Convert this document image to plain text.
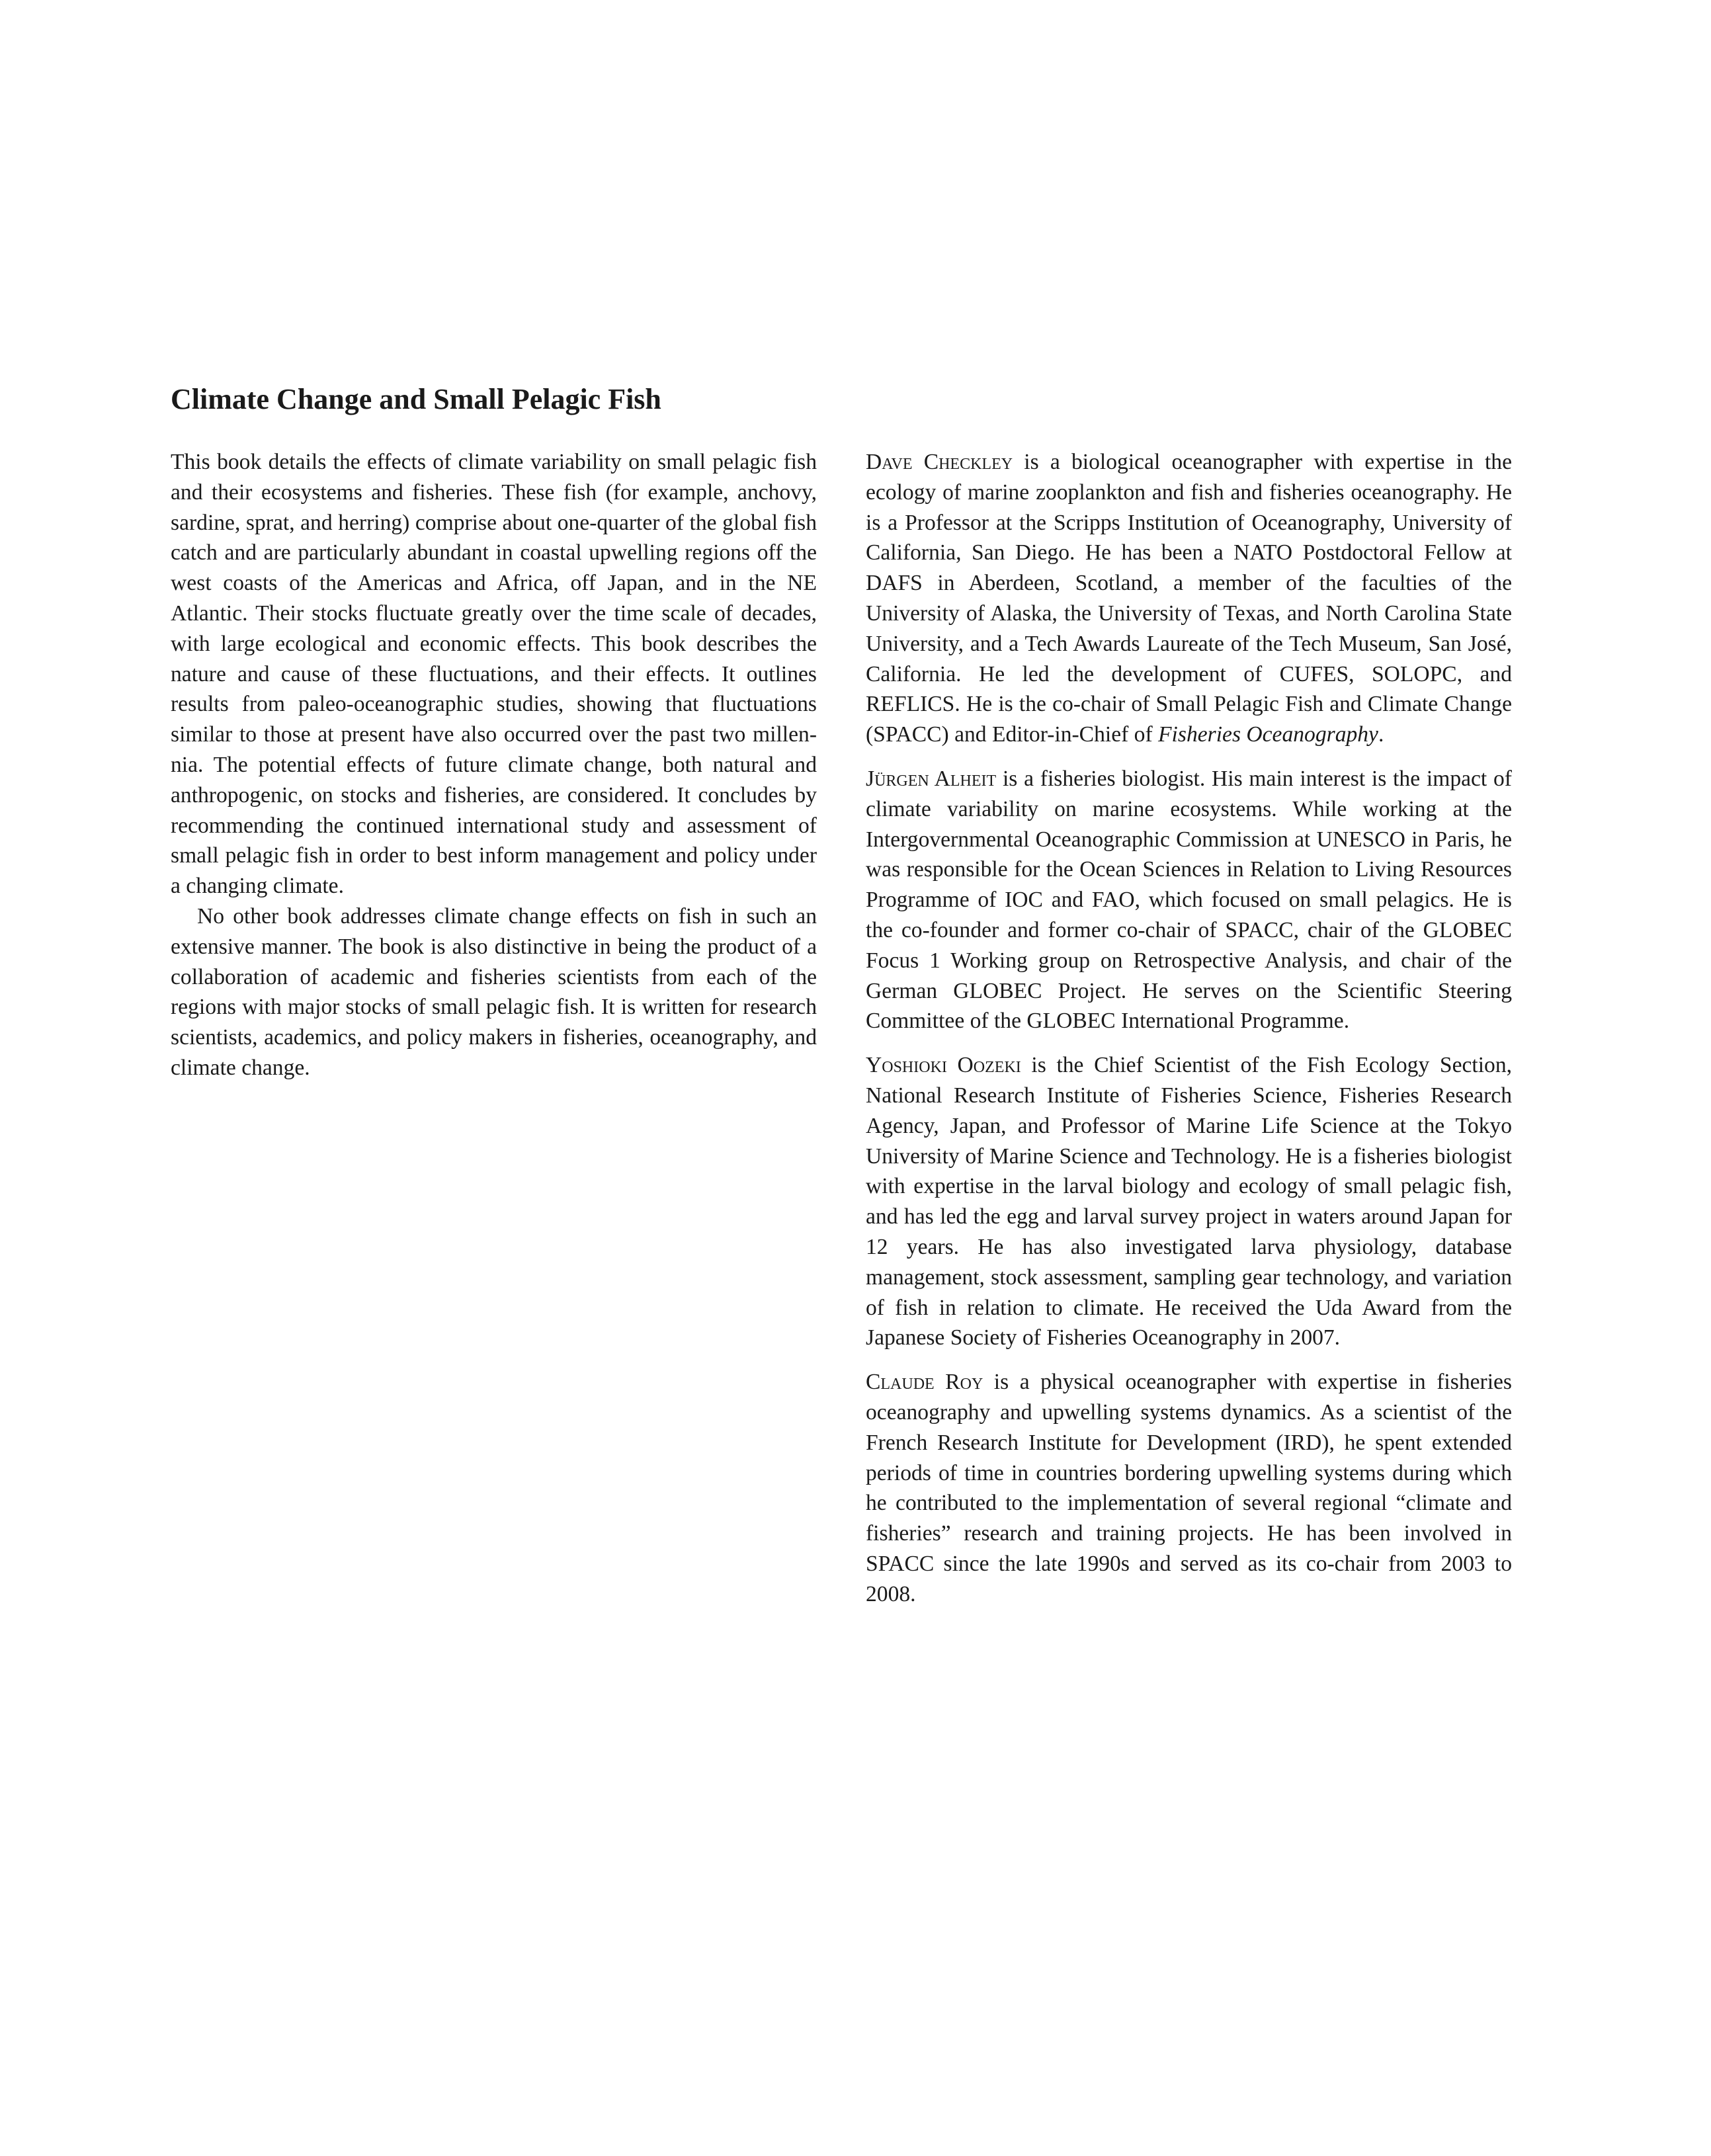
Climate Change and Small Pelagic Fish

This book details the effects of climate variability on small pelagic fish and their ecosystems and fisheries. These fish (for example, anchovy, sardine, sprat, and herring) comprise about one-quarter of the global fish catch and are particularly abundant in coastal upwelling regions off the west coasts of the Americas and Africa, off Japan, and in the NE Atlantic. Their stocks fluctuate greatly over the time scale of decades, with large ecological and economic effects. This book describes the nature and cause of these fluctuations, and their effects. It outlines results from paleo-oceanographic studies, showing that fluctuations similar to those at present have also occurred over the past two millennia. The potential effects of future climate change, both natural and anthropogenic, on stocks and fisheries, are considered. It concludes by recommending the continued international study and assessment of small pelagic fish in order to best inform management and policy under a changing climate.

No other book addresses climate change effects on fish in such an extensive manner. The book is also distinctive in being the product of a collaboration of academic and fisheries scientists from each of the regions with major stocks of small pelagic fish. It is written for research scientists, academics, and policy makers in fisheries, oceanography, and climate change.

Dave Checkley is a biological oceanographer with expertise in the ecology of marine zooplankton and fish and fisheries oceanography. He is a Professor at the Scripps Institution of Oceanography, University of California, San Diego. He has been a NATO Postdoctoral Fellow at DAFS in Aberdeen, Scotland, a member of the faculties of the University of Alaska, the University of Texas, and North Carolina State University, and a Tech Awards Laureate of the Tech Museum, San José, California. He led the development of CUFES, SOLOPC, and REFLICS. He is the co-chair of Small Pelagic Fish and Climate Change (SPACC) and Editor-in-Chief of Fisheries Oceanography.

Jürgen Alheit is a fisheries biologist. His main interest is the impact of climate variability on marine ecosystems. While working at the Intergovernmental Oceanographic Commission at UNESCO in Paris, he was responsible for the Ocean Sciences in Relation to Living Resources Programme of IOC and FAO, which focused on small pelagics. He is the co-founder and former co-chair of SPACC, chair of the GLOBEC Focus 1 Working group on Retrospective Analysis, and chair of the German GLOBEC Project. He serves on the Scientific Steering Committee of the GLOBEC International Programme.

Yoshioki Oozeki is the Chief Scientist of the Fish Ecology Section, National Research Institute of Fisheries Science, Fisheries Research Agency, Japan, and Professor of Marine Life Science at the Tokyo University of Marine Science and Technology. He is a fisheries biologist with expertise in the larval biology and ecology of small pelagic fish, and has led the egg and larval survey project in waters around Japan for 12 years. He has also investigated larva physiology, database management, stock assessment, sampling gear technology, and variation of fish in relation to climate. He received the Uda Award from the Japanese Society of Fisheries Oceanography in 2007.

Claude Roy is a physical oceanographer with expertise in fisheries oceanography and upwelling systems dynamics. As a scientist of the French Research Institute for Development (IRD), he spent extended periods of time in countries bordering upwelling systems during which he contributed to the implementation of several regional “climate and fisheries” research and training projects. He has been involved in SPACC since the late 1990s and served as its co-chair from 2003 to 2008.
